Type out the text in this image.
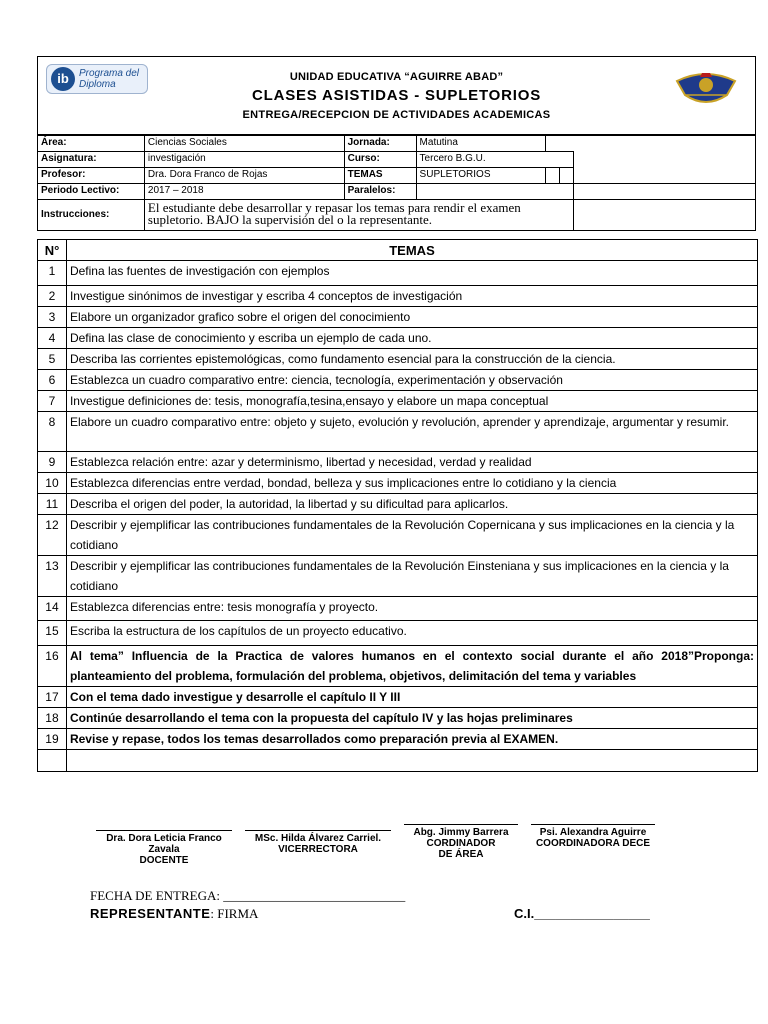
ib	Programa del Diploma
UNIDAD EDUCATIVA “AGUIRRE ABAD”
CLASES ASISTIDAS - SUPLETORIOS
ENTREGA/RECEPCION DE ACTIVIDADES ACADEMICAS
Área:	Ciencias Sociales	Jornada:	Matutina			
Asignatura:	investigación	Curso:	Tercero B.G.U.			
Profesor:	Dra. Dora Franco de Rojas	TEMAS	SUPLETORIOS			
Periodo Lectivo:	2017 – 2018	Paralelos:				
Instrucciones:	El estudiante debe desarrollar y repasar los temas para rendir el examen supletorio. BAJO la supervisión del o la representante.					
N°	TEMAS
1	Defina las fuentes de investigación con ejemplos
2	Investigue sinónimos de investigar y escriba 4 conceptos de investigación
3	Elabore un organizador grafico sobre el origen del conocimiento
4	Defina las clase de conocimiento y escriba un ejemplo de cada uno.
5	Describa las corrientes epistemológicas, como fundamento esencial para la construcción de la ciencia.
6	Establezca un cuadro comparativo entre: ciencia, tecnología, experimentación y observación
7	Investigue definiciones de: tesis, monografía,tesina,ensayo y elabore un mapa conceptual
8	Elabore un cuadro comparativo entre: objeto y sujeto, evolución y revolución, aprender y aprendizaje, argumentar y resumir.
9	Establezca relación entre: azar y determinismo, libertad y necesidad, verdad y realidad
10	Establezca diferencias entre verdad, bondad, belleza y sus implicaciones entre lo cotidiano y la ciencia
11	Describa el origen del poder, la autoridad, la libertad y su dificultad para aplicarlos.
12	Describir y ejemplificar las contribuciones fundamentales de la Revolución Copernicana y sus implicaciones en la ciencia y la cotidiano
13	Describir y ejemplificar las contribuciones fundamentales de la Revolución Einsteniana y sus implicaciones en la ciencia y la cotidiano
14	Establezca diferencias entre: tesis monografía y proyecto.
15	Escriba la estructura de los capítulos de un proyecto educativo.
16	Al tema” Influencia de la Practica de valores humanos en el contexto social durante el año 2018”Proponga: planteamiento del problema, formulación del problema, objetivos, delimitación del tema y variables
17	Con el tema dado investigue y desarrolle el capítulo II Y III
18	Continúe desarrollando el tema con la propuesta del capítulo IV y las hojas preliminares
19	Revise y repase, todos los temas desarrollados como preparación previa al EXAMEN.

Dra. Dora Leticia Franco Zavala
DOCENTE
MSc. Hilda Álvarez Carriel.
VICERRECTORA
Abg. Jimmy Barrera
CORDINADOR DE ÁREA
Psi. Alexandra Aguirre
COORDINADORA DECE
FECHA DE ENTREGA: ____________________________
REPRESENTANTE: FIRMA	C.I.________________
